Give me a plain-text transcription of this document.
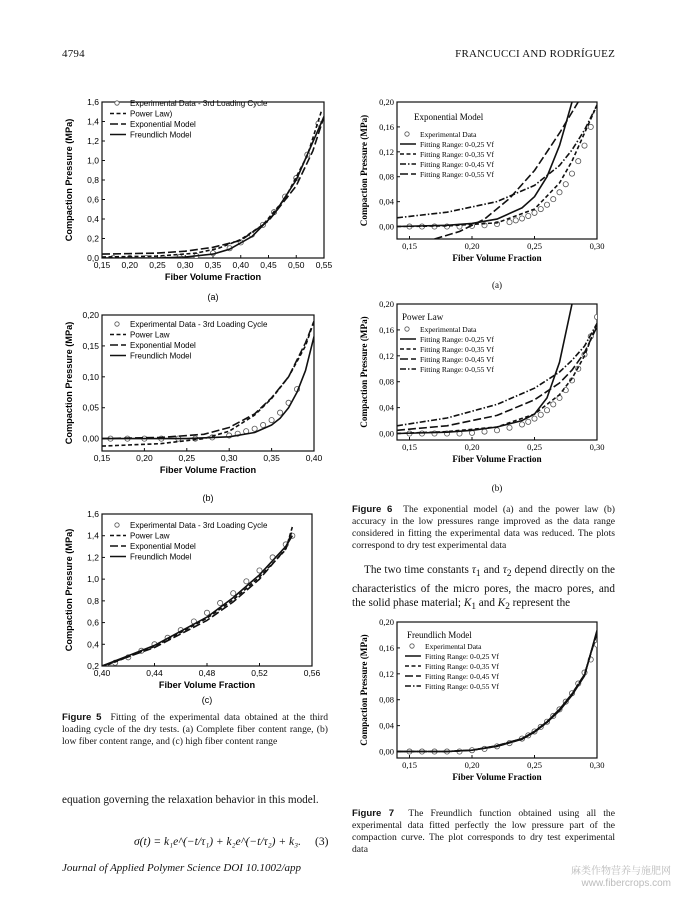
4794	FRANCUCCI AND RODRÍGUEZ
0,15 0,20 0,25 0,30 0,35 0,40 0,45 0,50 0,55
0,0
0,2
0,4
0,6
0,8
1,0
1,2
1,4
1,6
Fiber Volume Fraction
Compaction Pressure (MPa)
(a)
Experimental Data - 3rd Loading Cycle
Power Law)
Exponential Model
Freundlich Model
0,15	0,20	0,25	0,30	0,35	0,40
0,00
0,05
0,10
0,15
0,20
Fiber Volume Fraction
Compaction Pressure (MPa)
(b)
Experimental Data - 3rd Loading Cycle
Power Law
Exponential Model
Freundlich Model
0,40	0,44	0,48	0,52	0,56
0,2
0,4
0,6
0,8
1,0
1,2
1,4
1,6
Fiber Volume Fraction
Compaction Pressure (MPa)
(c)
Experimental Data - 3rd Loading Cycle
Power Law
Exponential Model
Freundlich Model
0,15	0,20	0,25	0,30
0,00
0,04
0,08
0,12
0,16
0,20
Fiber Volume Fraction
Compaction Pressure (MPa)
(a)
Exponential Model
Experimental Data
Fitting Range: 0-0,25 Vf
Fitting Range: 0-0,35 Vf
Fitting Range: 0-0,45 Vf
Fitting Range: 0-0,55 Vf
0,15	0,20	0,25	0,30
0,00
0,04
0,08
0,12
0,16
0,20
Fiber Volume Fraction
Compaction Pressure (MPa)
(b)
Power Law
Experimental Data
Fitting Range: 0-0,25 Vf
Fitting Range: 0-0,35 Vf
Fitting Range: 0-0,45 Vf
Fitting Range: 0-0,55 Vf
0,15	0,20	0,25	0,30
0,00
0,04
0,08
0,12
0,16
0,20
Fiber Volume Fraction
Compaction Pressure (MPa)	Freundlich Model
Experimental Data
Fitting Range: 0-0,25 Vf
Fitting Range: 0-0,35 Vf
Fitting Range: 0-0,45 Vf
Fitting Range: 0-0,55 Vf
Figure 5 Fitting of the experimental data obtained at the third loading cycle of the dry tests. (a) Complete fiber content range, (b) low fiber content range, and (c) high fiber content range
Figure 6 The exponential model (a) and the power law (b) accuracy in the low pressures range improved as the data range considered in fitting the experimental data was reduced. The plots correspond to dry test experimental data
The two time constants $\tau_1$ and $\tau_2$ depend directly on the characteristics of the micro pores, the macro pores, and the solid phase material; $K_1$ and $K_2$ represent the
Figure 7 The Freundlich function obtained using all the experimental data fitted perfectly the low pressure part of the compaction curve. The plot corresponds to dry test experimental data
equation governing the relaxation behavior in this model.
σ(t) = k₁e^(−t/τ₁) + k₂e^(−t/τ₂) + k₃. (3)
Journal of Applied Polymer Science DOI 10.1002/app	麻类作物营养与施肥网
www.fibercrops.com
